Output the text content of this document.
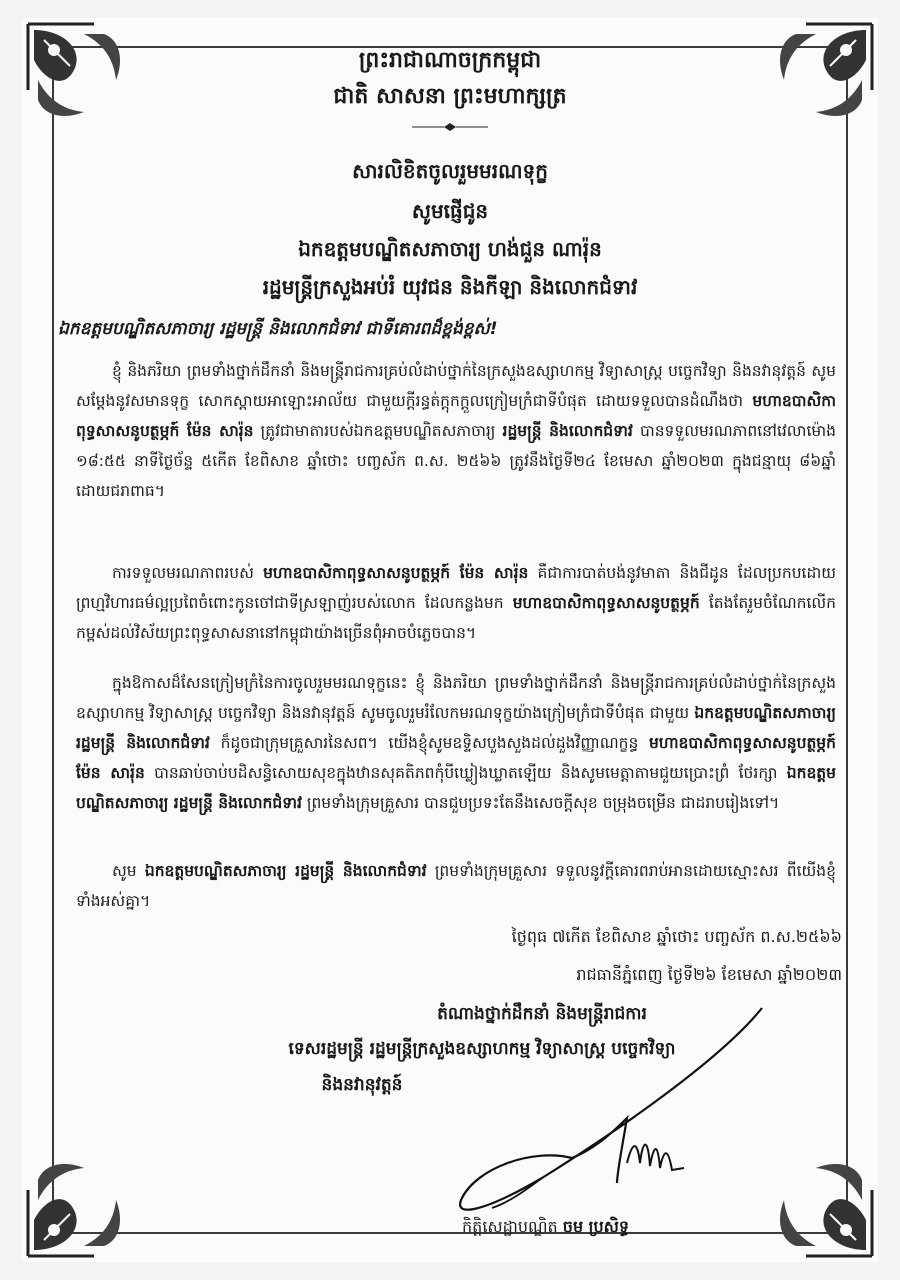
ព្រះរាជាណាចក្រកម្ពុជា
ជាតិ សាសនា ព្រះមហាក្សត្រ
សារលិខិតចូលរួមមរណទុក្ខ
សូមផ្ញើជូន
ឯកឧត្តមបណ្ឌិតសភាចារ្យ ហង់ជួន ណារ៉ុន
រដ្ឋមន្ត្រីក្រសួងអប់រំ យុវជន និងកីឡា និងលោកជំទាវ
ឯកឧត្តមបណ្ឌិតសភាចារ្យ រដ្ឋមន្ត្រី និងលោកជំទាវ ជាទីគោរពដ៏ខ្ពង់ខ្ពស់!
ខ្ញុំ និងភរិយា ព្រមទាំងថ្នាក់ដឹកនាំ និងមន្ត្រីរាជការគ្រប់លំដាប់ថ្នាក់នៃក្រសួងឧស្សាហកម្ម វិទ្យាសាស្ត្រ បច្ចេកវិទ្យា និងនវានុវត្តន៍ សូមសម្តែងនូវសមានទុក្ខ សោកស្តាយអាឡោះអាល័យ ជាមួយក្តីរន្ធត់ក្តុកក្តួលក្រៀមក្រំជាទីបំផុត ដោយទទួលបានដំណឹងថា មហាឧបាសិកាពុទ្ធសាសនូបត្ថម្ភក៍ ម៉ែន សារ៉ុន ត្រូវជាមាតារបស់ឯកឧត្តមបណ្ឌិតសភាចារ្យ រដ្ឋមន្ត្រី និងលោកជំទាវ បានទទួលមរណភាពនៅវេលាម៉ោង ១៨:៥៥ នាទីថ្ងៃច័ន្ទ ៥កើត ខែពិសាខ ឆ្នាំថោះ បញ្ចស័ក ព.ស. ២៥៦៦ ត្រូវនឹងថ្ងៃទី២៤ ខែមេសា ឆ្នាំ២០២៣ ក្នុងជន្មាយុ ៨៦ឆ្នាំ ដោយជរាពាធ។
ការទទួលមរណភាពរបស់ មហាឧបាសិកាពុទ្ធសាសនូបត្ថម្ភក៍ ម៉ែន សារ៉ុន គឺជាការបាត់បង់នូវមាតា និងជីដូន ដែលប្រកបដោយព្រហ្មវិហារធម៌ល្អប្រពៃចំពោះកូនចៅជាទីស្រឡាញ់របស់លោក ដែលកន្លងមក មហាឧបាសិកាពុទ្ធសាសនូបត្ថម្ភក៍ តែងតែរួមចំណែកលើកកម្ពស់ដល់វិស័យព្រះពុទ្ធសាសនានៅកម្ពុជាយ៉ាងច្រើនពុំអាចបំភ្លេចបាន។
ក្នុងឱកាសដ៏សែនក្រៀមក្រំនៃការចូលរួមមរណទុក្ខនេះ ខ្ញុំ និងភរិយា ព្រមទាំងថ្នាក់ដឹកនាំ និងមន្ត្រីរាជការគ្រប់លំដាប់ថ្នាក់នៃក្រសួងឧស្សាហកម្ម វិទ្យាសាស្ត្រ បច្ចេកវិទ្យា និងនវានុវត្តន៍ សូមចូលរួមរំលែកមរណទុក្ខយ៉ាងក្រៀមក្រំជាទីបំផុត ជាមួយ ឯកឧត្តមបណ្ឌិតសភាចារ្យ រដ្ឋមន្ត្រី និងលោកជំទាវ ក៏ដូចជាក្រុមគ្រួសារនៃសព។ យើងខ្ញុំសូមឧទ្ទិសបួងសួងដល់ដួងវិញ្ញាណក្ខន្ធ មហាឧបាសិកាពុទ្ធសាសនូបត្ថម្ភក៍ ម៉ែន សារ៉ុន បានឆាប់ចាប់បដិសន្ធិសោយសុខក្នុងឋានសុគតិភពកុំបីឃ្លៀងឃ្លាតឡើយ និងសូមមេត្តាតាមជួយប្រោះព្រំ ថែរក្សា ឯកឧត្តមបណ្ឌិតសភាចារ្យ រដ្ឋមន្ត្រី និងលោកជំទាវ ព្រមទាំងក្រុមគ្រួសារ បានជួបប្រទះតែនឹងសេចក្តីសុខ ចម្រុងចម្រើន ជាដរាបរៀងទៅ។
សូម ឯកឧត្តមបណ្ឌិតសភាចារ្យ រដ្ឋមន្ត្រី និងលោកជំទាវ ព្រមទាំងក្រុមគ្រួសារ ទទួលនូវក្តីគោរពរាប់អានដោយស្មោះសរ ពីយើងខ្ញុំទាំងអស់គ្នា។
ថ្ងៃពុធ ៧កើត ខែពិសាខ ឆ្នាំថោះ បញ្ចស័ក ព.ស.២៥៦៦
រាជធានីភ្នំពេញ ថ្ងៃទី២៦ ខែមេសា ឆ្នាំ២០២៣
តំណាងថ្នាក់ដឹកនាំ និងមន្ត្រីរាជការ
ទេសរដ្ឋមន្ត្រី រដ្ឋមន្ត្រីក្រសួងឧស្សាហកម្ម វិទ្យាសាស្ត្រ បច្ចេកវិទ្យា
និងនវានុវត្តន៍
កិត្តិសេដ្ឋាបណ្ឌិត ចម ប្រសិទ្ធ
